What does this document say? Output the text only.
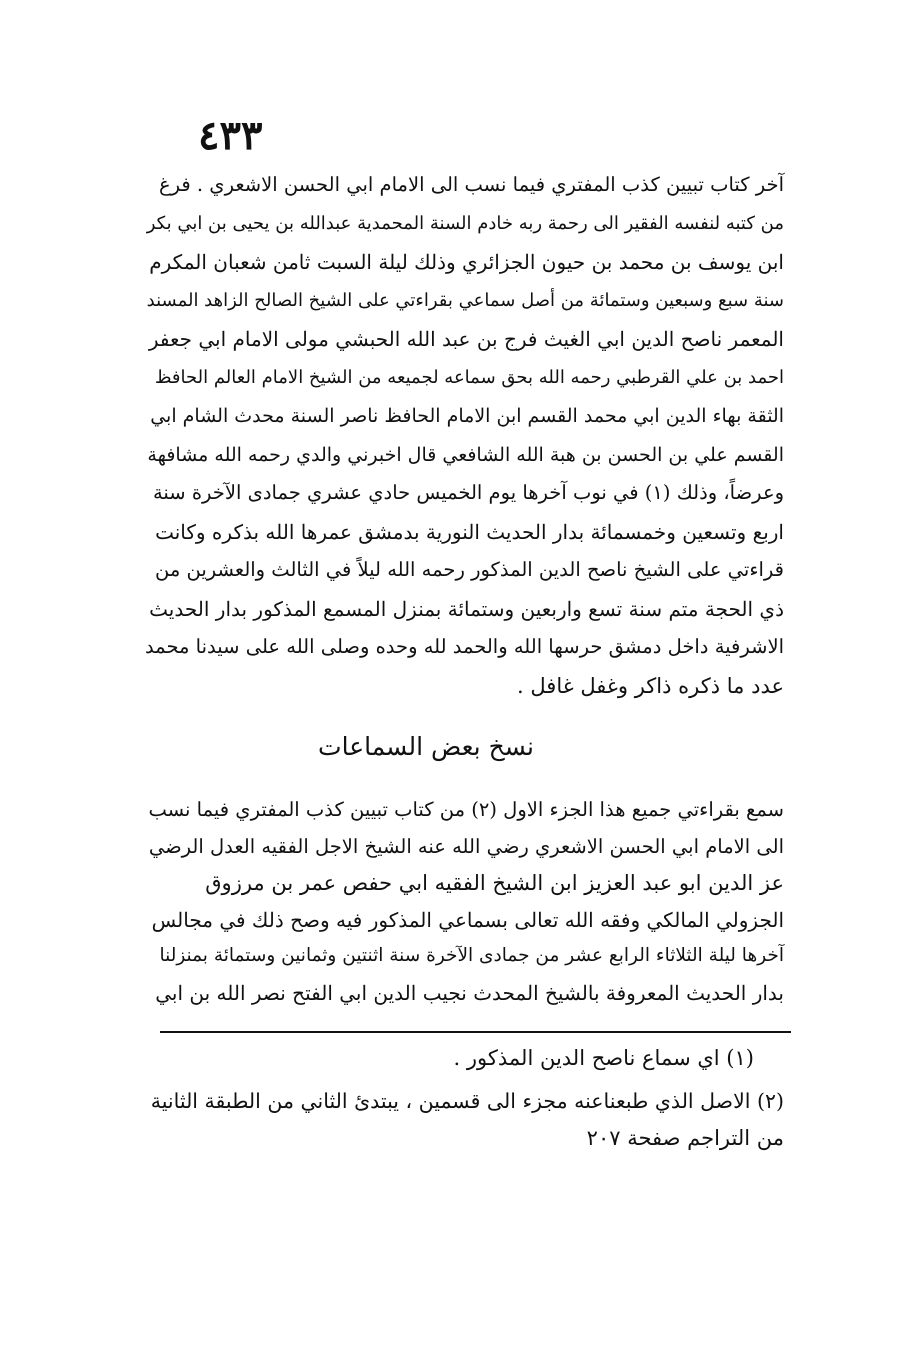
٤٣٣
آخر كتاب تبيين كذب المفتري فيما نسب الى الامام ابي الحسن الاشعري . فرغ
من كتبه لنفسه الفقير الى رحمة ربه خادم السنة المحمدية عبدالله بن يحيى بن ابي بكر
ابن يوسف بن محمد بن حيون الجزائري وذلك ليلة السبت ثامن شعبان المكرم
سنة سبع وسبعين وستمائة من أصل سماعي بقراءتي على الشيخ الصالح الزاهد المسند
المعمر ناصح الدين ابي الغيث فرج بن عبد الله الحبشي مولى الامام ابي جعفر
احمد بن علي القرطبي رحمه الله بحق سماعه لجميعه من الشيخ الامام العالم الحافظ
الثقة بهاء الدين ابي محمد القسم ابن الامام الحافظ ناصر السنة محدث الشام ابي
القسم علي بن الحسن بن هبة الله الشافعي قال اخبرني والدي رحمه الله مشافهة
وعرضاً، وذلك (١) في نوب آخرها يوم الخميس حادي عشري جمادى الآخرة سنة
اربع وتسعين وخمسمائة بدار الحديث النورية بدمشق عمرها الله بذكره وكانت
قراءتي على الشيخ ناصح الدين المذكور رحمه الله ليلاً في الثالث والعشرين من
ذي الحجة متم سنة تسع واربعين وستمائة بمنزل المسمع المذكور بدار الحديث
الاشرفية داخل دمشق حرسها الله والحمد لله وحده وصلى الله على سيدنا محمد
عدد ما ذكره ذاكر وغفل غافل .
نسخ بعض السماعات
سمع بقراءتي جميع هذا الجزء الاول (٢) من كتاب تبيين كذب المفتري فيما نسب
الى الامام ابي الحسن الاشعري رضي الله عنه الشيخ الاجل الفقيه العدل الرضي
عز الدين ابو عبد العزيز ابن الشيخ الفقيه ابي حفص عمر بن مرزوق
الجزولي المالكي وفقه الله تعالى بسماعي المذكور فيه وصح ذلك في مجالس
آخرها ليلة الثلاثاء الرابع عشر من جمادى الآخرة سنة اثنتين وثمانين وستمائة بمنزلنا
بدار الحديث المعروفة بالشيخ المحدث نجيب الدين ابي الفتح نصر الله بن ابي
(١) اي سماع ناصح الدين المذكور .
(٢) الاصل الذي طبعناعنه مجزء الى قسمين ، يبتدئ الثاني من الطبقة الثانية
من التراجم صفحة ٢٠٧
